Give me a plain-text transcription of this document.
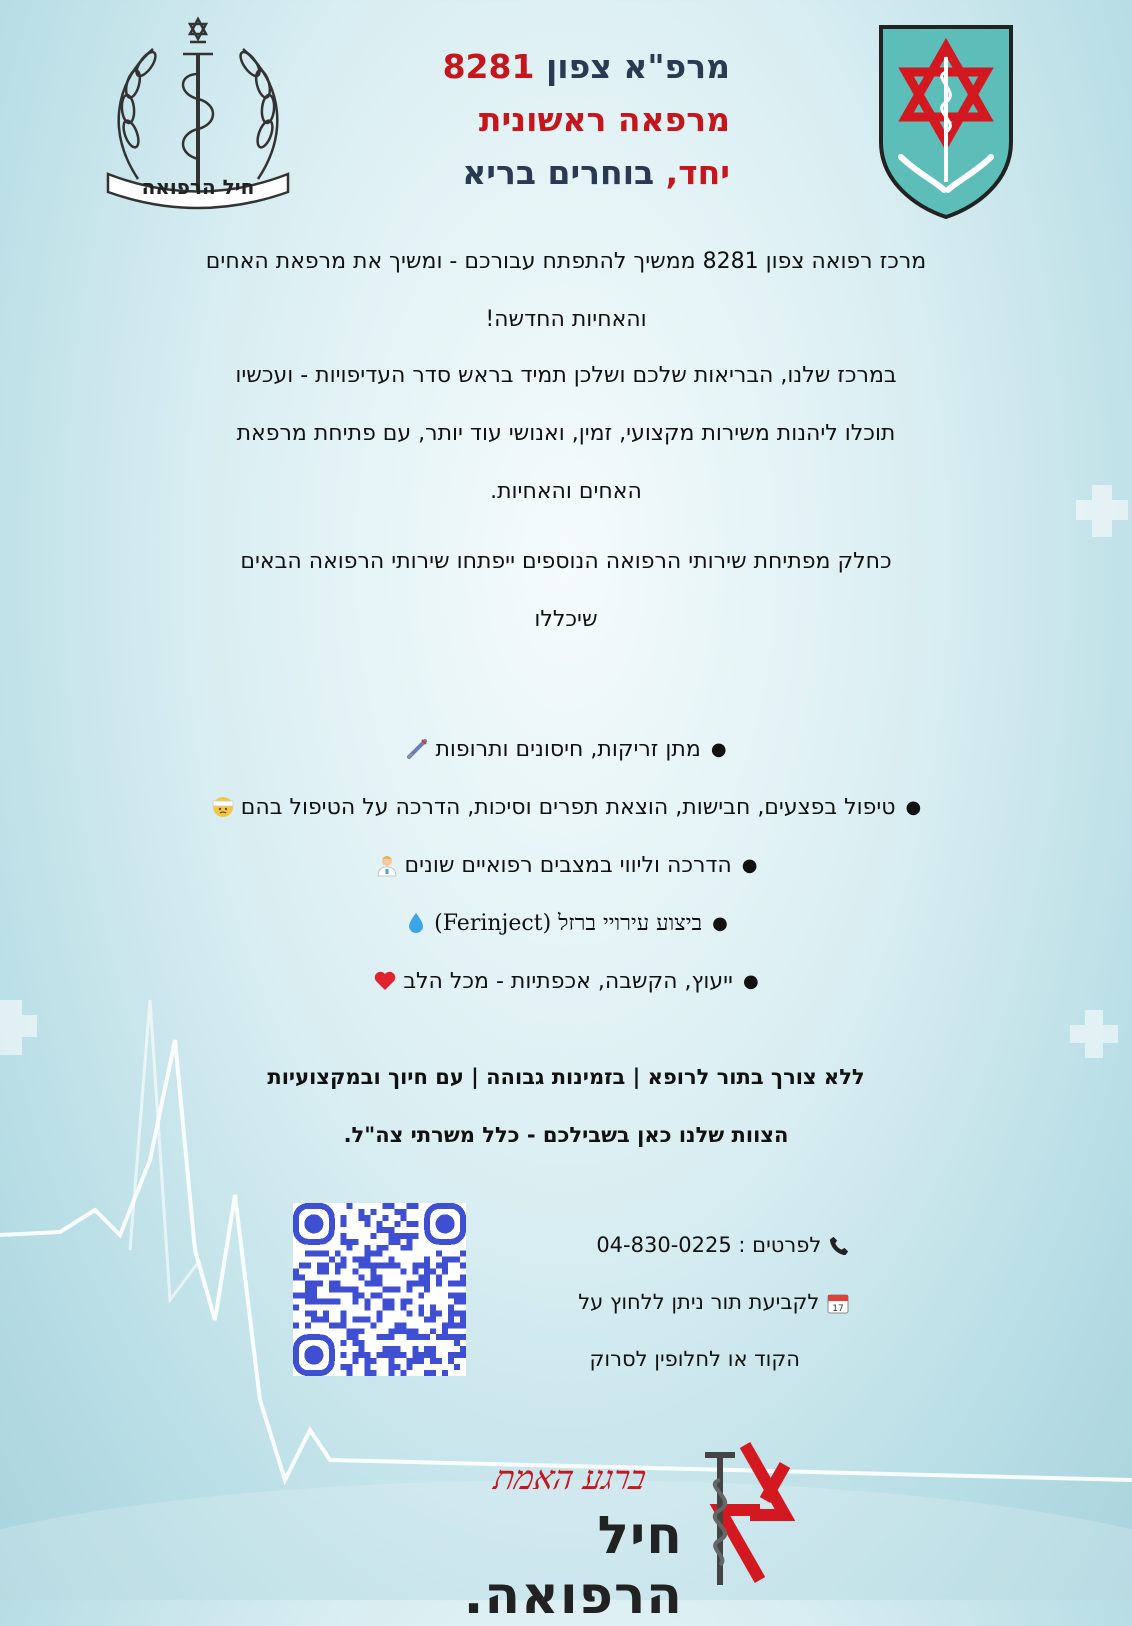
חיל הרפואה
מרפ"א צפון 8281
מרפאה ראשונית
יחד, בוחרים בריא
מרכז רפואה צפון 8281 ממשיך להתפתח עבורכם - ומשיך את מרפאת האחים
והאחיות החדשה!
במרכז שלנו, הבריאות שלכם ושלכן תמיד בראש סדר העדיפויות - ועכשיו
תוכלו ליהנות משירות מקצועי, זמין, ואנושי עוד יותר, עם פתיחת מרפאת
האחים והאחיות.
כחלק מפתיחת שירותי הרפואה הנוספים ייפתחו שירותי הרפואה הבאים
שיכללו
●
מתן זריקות, חיסונים ותרופות
●
טיפול בפצעים, חבישות, הוצאת תפרים וסיכות, הדרכה על הטיפול בהם
●
הדרכה וליווי במצבים רפואיים שונים
●
ביצוע עירויי ברזל (Ferinject)
●
ייעוץ, הקשבה, אכפתיות - מכל הלב
ללא צורך בתור לרופא | בזמינות גבוהה | עם חיוך ובמקצועיות
הצוות שלנו כאן בשבילכם - כלל משרתי צה"ל.
לפרטים : 04-830-0225
17
לקביעת תור ניתן ללחוץ על
הקוד או לחלופין לסרוק
ברגע האמת
חיל הרפואה.
